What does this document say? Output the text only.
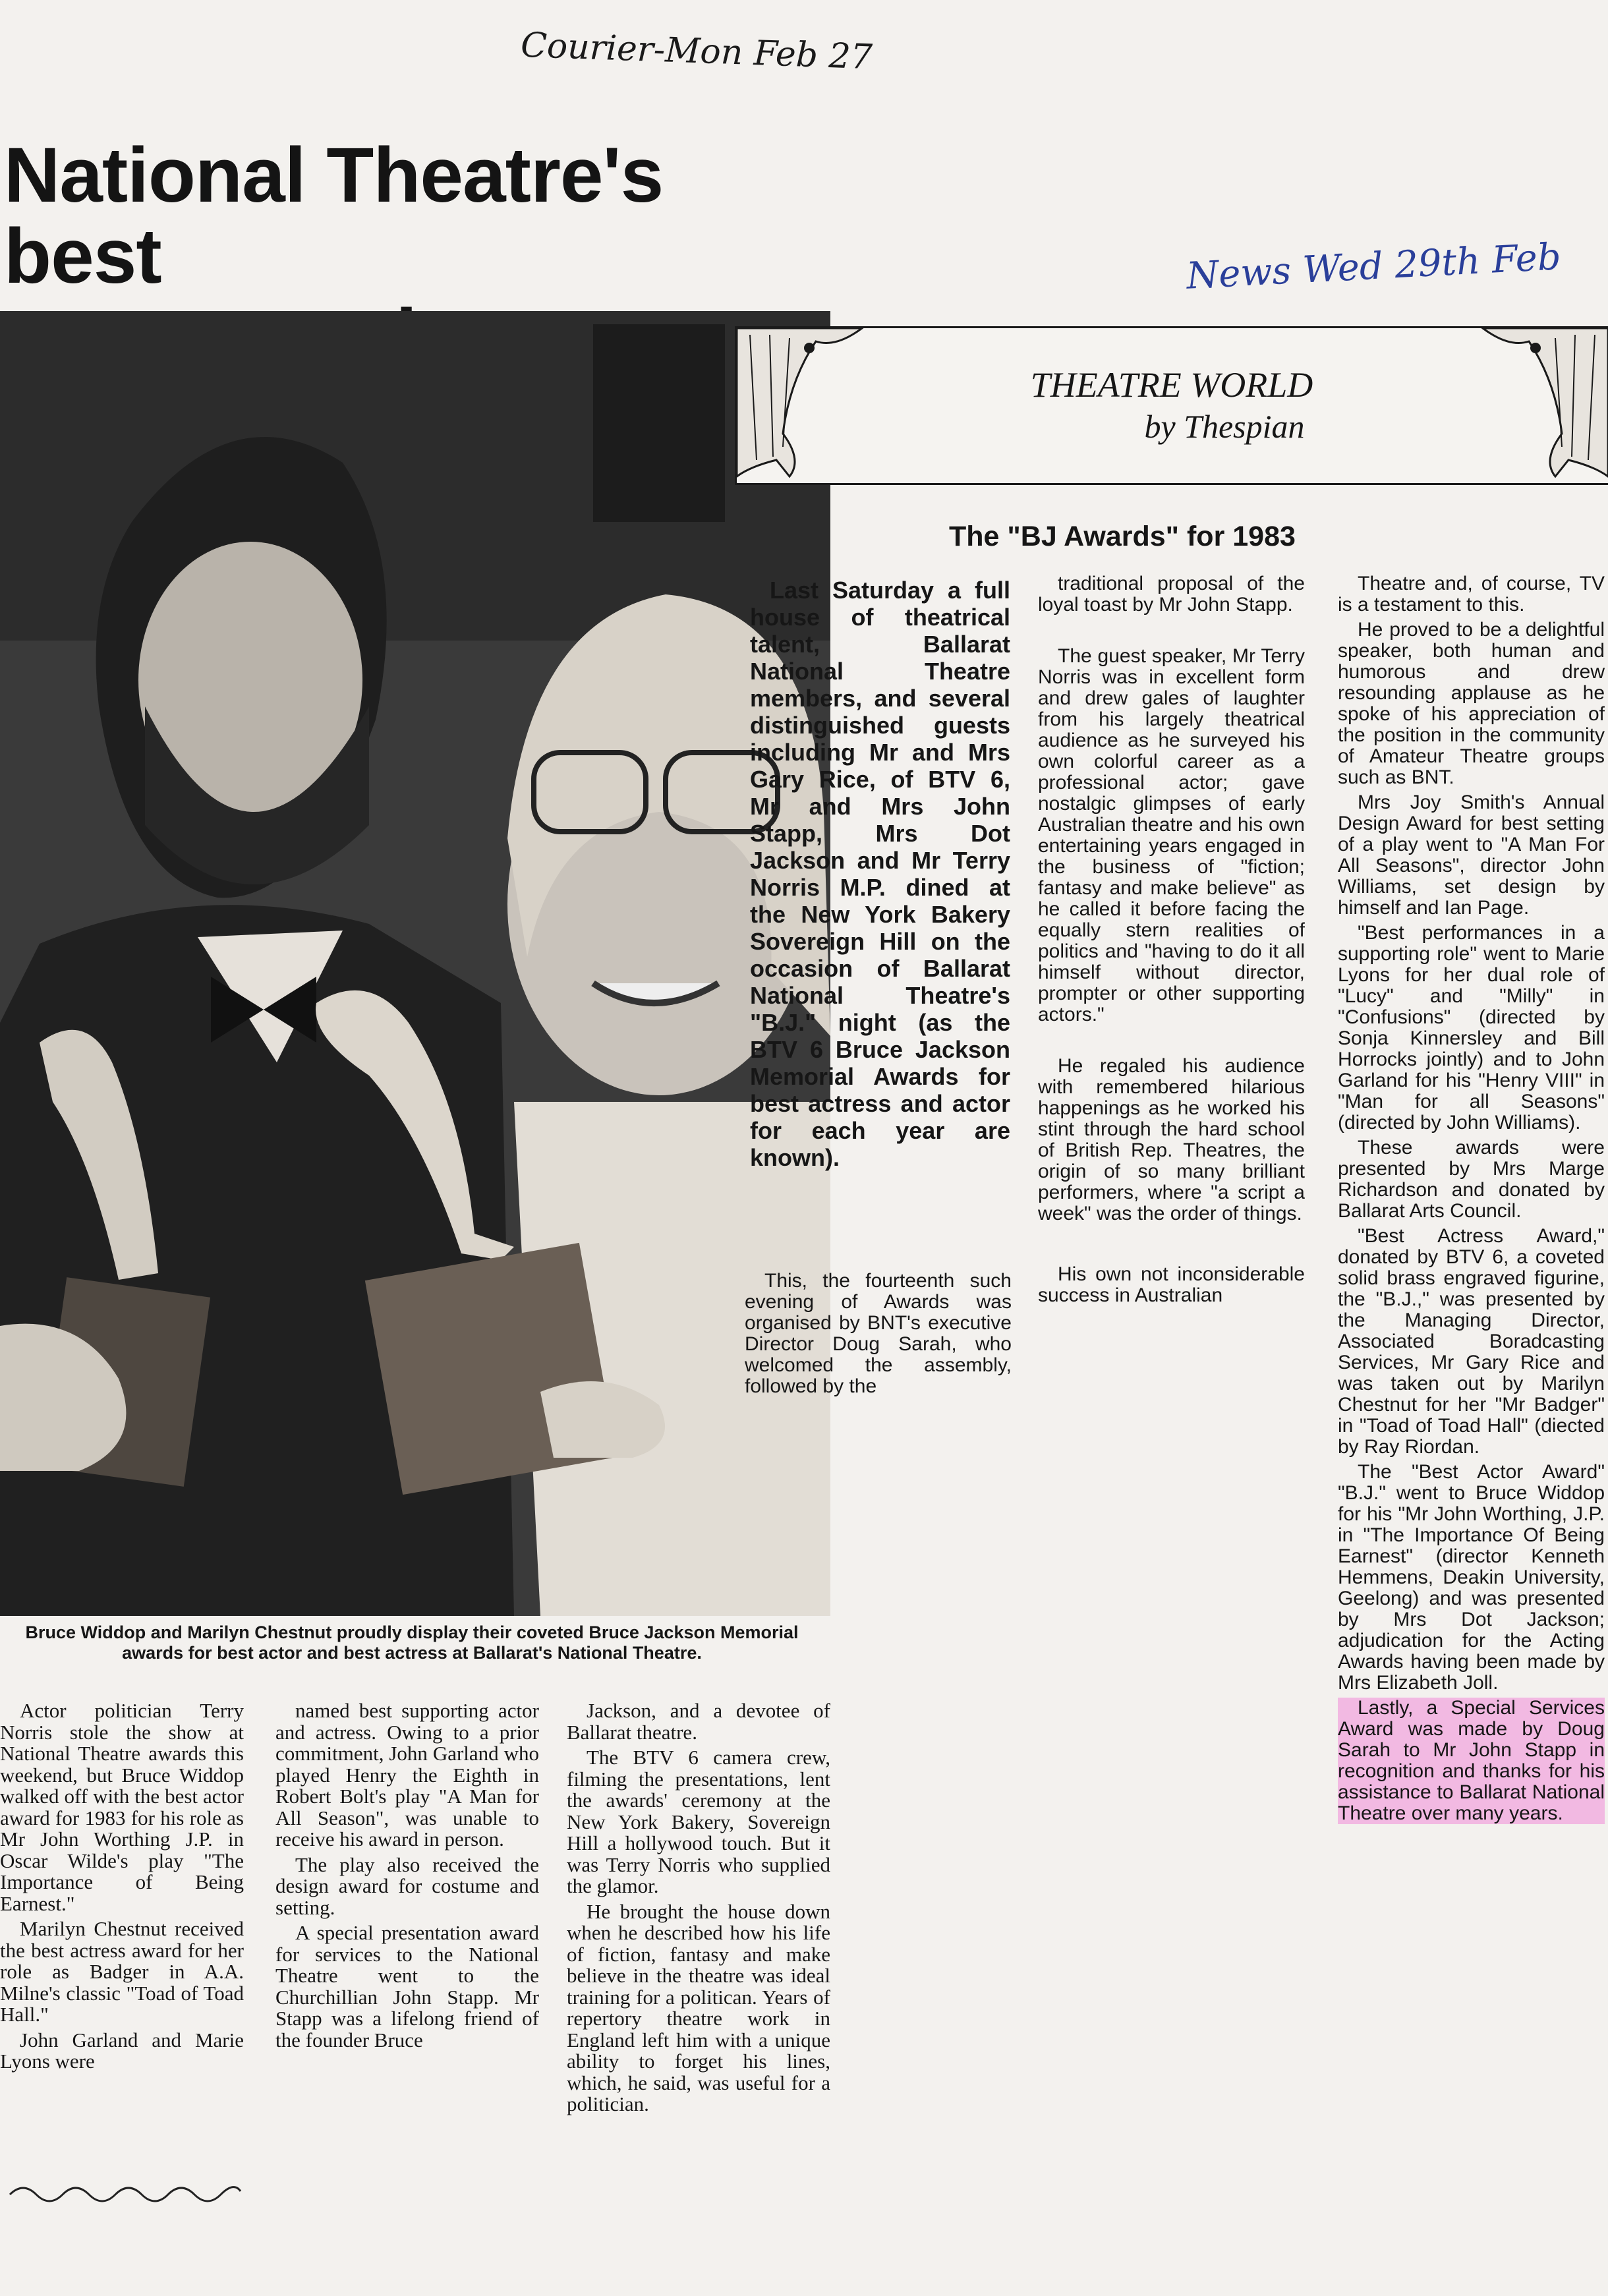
Courier-Mon Feb 27
News Wed 29th Feb
National Theatre's best
Bruce Widdop and Marilyn Chestnut proudly display their coveted Bruce Jackson Memorial awards for best actor and best actress at Ballarat's National Theatre.

Actor politician Terry Norris stole the show at National Theatre awards this weekend, but Bruce Widdop walked off with the best actor award for 1983 for his role as Mr John Worthing J.P. in Oscar Wilde's play "The Importance of Being Earnest."

Marilyn Chestnut received the best actress award for her role as Badger in A.A. Milne's classic "Toad of Toad Hall."

John Garland and Marie Lyons were

named best supporting actor and actress. Owing to a prior commitment, John Garland who played Henry the Eighth in Robert Bolt's play "A Man for All Season", was unable to receive his award in person.

The play also received the design award for costume and setting.

A special presentation award for services to the National Theatre went to the Churchillian John Stapp. Mr Stapp was a lifelong friend of the founder Bruce

Jackson, and a devotee of Ballarat theatre.

The BTV 6 camera crew, filming the presentations, lent the awards' ceremony at the New York Bakery, Sovereign Hill a hollywood touch. But it was Terry Norris who supplied the glamor.

He brought the house down when he described how his life of fiction, fantasy and make believe in the theatre was ideal training for a politican. Years of repertory theatre work in England left him with a unique ability to forget his lines, which, he said, was useful for a politician.

THEATRE WORLD
by Thespian
The "BJ Awards" for 1983
Last Saturday a full house of theatrical talent, Ballarat National Theatre members, and several distinguished guests including Mr and Mrs Gary Rice, of BTV 6, Mr and Mrs John Stapp, Mrs Dot Jackson and Mr Terry Norris M.P. dined at the New York Bakery Sovereign Hill on the occasion of Ballarat National Theatre's "B.J." night (as the BTV 6 Bruce Jackson Memorial Awards for best actress and actor for each year are known).

This, the fourteenth such evening of Awards was organised by BNT's executive Director Doug Sarah, who welcomed the assembly, followed by the

traditional proposal of the loyal toast by Mr John Stapp.

The guest speaker, Mr Terry Norris was in excellent form and drew gales of laughter from his largely theatrical audience as he surveyed his own colorful career as a professional actor; gave nostalgic glimpses of early Australian theatre and his own entertaining years engaged in the business of "fiction; fantasy and make believe" as he called it before facing the equally stern realities of politics and "having to do it all himself without director, prompter or other supporting actors."

He regaled his audience with remembered hilarious happenings as he worked his stint through the hard school of British Rep. Theatres, the origin of so many brilliant performers, where "a script a week" was the order of things.

His own not inconsiderable success in Australian

Theatre and, of course, TV is a testament to this.

He proved to be a delightful speaker, both human and humorous and drew resounding applause as he spoke of his appreciation of the position in the community of Amateur Theatre groups such as BNT.

Mrs Joy Smith's Annual Design Award for best setting of a play went to "A Man For All Seasons", director John Williams, set design by himself and Ian Page.

"Best performances in a supporting role" went to Marie Lyons for her dual role of "Lucy" and "Milly" in "Confusions" (directed by Sonja Kinnersley and Bill Horrocks jointly) and to John Garland for his "Henry VIII" in "Man for all Seasons" (directed by John Williams).

These awards were presented by Mrs Marge Richardson and donated by Ballarat Arts Council.

"Best Actress Award," donated by BTV 6, a coveted solid brass engraved figurine, the "B.J.," was presented by the Managing Director, Associated Boradcasting Services, Mr Gary Rice and was taken out by Marilyn Chestnut for her "Mr Badger" in "Toad of Toad Hall" (diected by Ray Riordan.

The "Best Actor Award" "B.J." went to Bruce Widdop for his "Mr John Worthing, J.P. in "The Importance Of Being Earnest" (director Kenneth Hemmens, Deakin University, Geelong) and was presented by Mrs Dot Jackson; adjudication for the Acting Awards having been made by Mrs Elizabeth Joll.

Lastly, a Special Services Award was made by Doug Sarah to Mr John Stapp in recognition and thanks for his assistance to Ballarat National Theatre over many years.
